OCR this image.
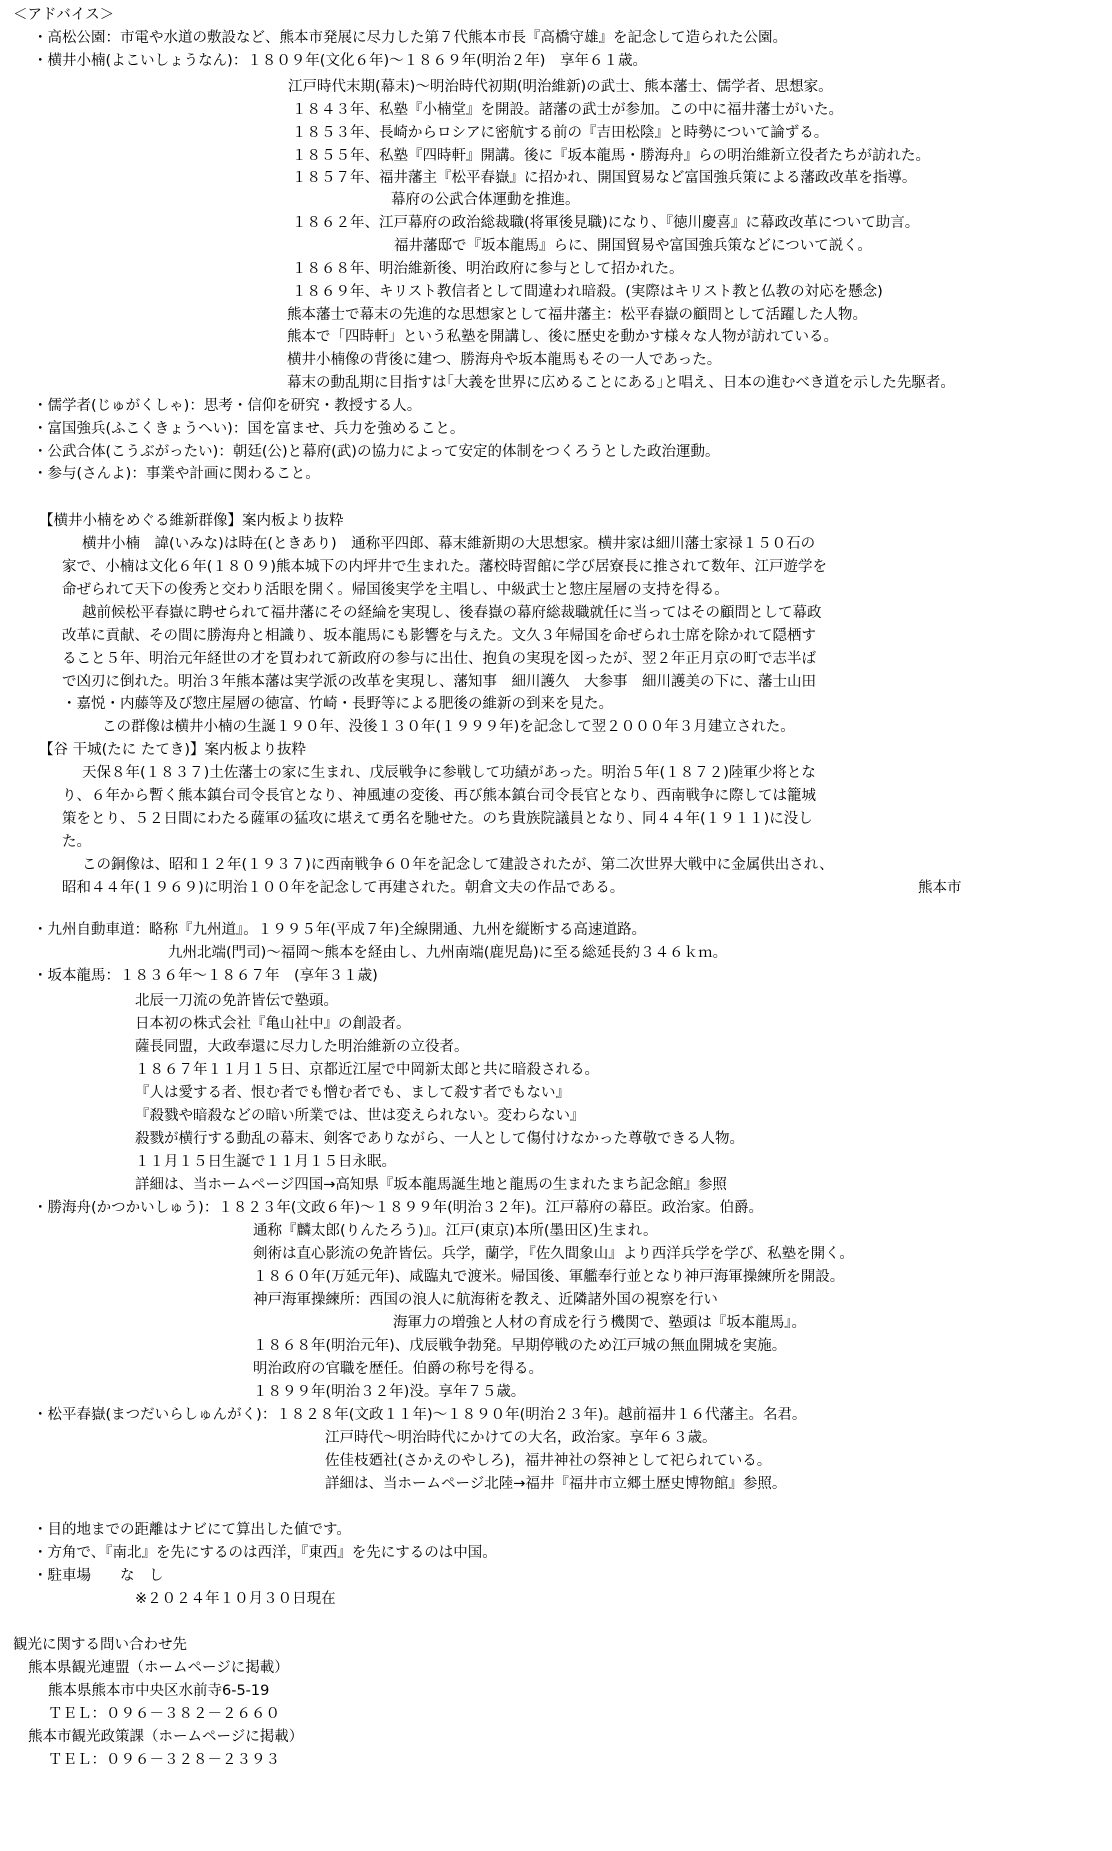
＜アドバイス＞
・高松公園：市電や水道の敷設など、熊本市発展に尽力した第７代熊本市長『高橋守雄』を記念して造られた公園。
・横井小楠(よこいしょうなん)：１８０９年(文化６年)～１８６９年(明治２年)　享年６１歳。
江戸時代末期(幕末)～明治時代初期(明治維新)の武士、熊本藩士、儒学者、思想家。
１８４３年、私塾『小楠堂』を開設。諸藩の武士が参加。この中に福井藩士がいた。
１８５３年、長崎からロシアに密航する前の『吉田松陰』と時勢について論ずる。
１８５５年、私塾『四時軒』開講。後に『坂本龍馬・勝海舟』らの明治維新立役者たちが訪れた。
１８５７年、福井藩主『松平春嶽』に招かれ、開国貿易など富国強兵策による藩政改革を指導。
幕府の公武合体運動を推進。
１８６２年、江戸幕府の政治総裁職(将軍後見職)になり、『徳川慶喜』に幕政改革について助言。
福井藩邸で『坂本龍馬』らに、開国貿易や富国強兵策などについて説く。
１８６８年、明治維新後、明治政府に参与として招かれた。
１８６９年、キリスト教信者として間違われ暗殺。(実際はキリスト教と仏教の対応を懸念)
熊本藩士で幕末の先進的な思想家として福井藩主：松平春嶽の顧問として活躍した人物。
熊本で「四時軒」という私塾を開講し、後に歴史を動かす様々な人物が訪れている。
横井小楠像の背後に建つ、勝海舟や坂本龍馬もその一人であった。
幕末の動乱期に目指すは｢大義を世界に広めることにある｣と唱え、日本の進むべき道を示した先駆者。
・儒学者(じゅがくしゃ)：思考・信仰を研究・教授する人。
・富国強兵(ふこくきょうへい)：国を富ませ、兵力を強めること。
・公武合体(こうぶがったい)：朝廷(公)と幕府(武)の協力によって安定的体制をつくろうとした政治運動。
・参与(さんよ)：事業や計画に関わること。
【横井小楠をめぐる維新群像】案内板より抜粋
横井小楠　諱(いみな)は時在(ときあり)　通称平四郎、幕末維新期の大思想家。横井家は細川藩士家禄１５０石の
家で、小楠は文化６年(１８０９)熊本城下の内坪井で生まれた。藩校時習館に学び居寮長に推されて数年、江戸遊学を
命ぜられて天下の俊秀と交わり活眼を開く。帰国後実学を主唱し、中級武士と惣庄屋層の支持を得る。
越前候松平春嶽に聘せられて福井藩にその経綸を実現し、後春嶽の幕府総裁職就任に当ってはその顧問として幕政
改革に貢献、その間に勝海舟と相識り、坂本龍馬にも影響を与えた。文久３年帰国を命ぜられ士席を除かれて隠栖す
ること５年、明治元年経世の才を買われて新政府の参与に出仕、抱負の実現を図ったが、翌２年正月京の町で志半ば
で凶刃に倒れた。明治３年熊本藩は実学派の改革を実現し、藩知事　細川護久　大参事　細川護美の下に、藩士山田
・嘉悦・内藤等及び惣庄屋層の徳富、竹崎・長野等による肥後の維新の到来を見た。
この群像は横井小楠の生誕１９０年、没後１３０年(１９９９年)を記念して翌２０００年３月建立された。
【谷 干城(たに たてき)】案内板より抜粋
天保８年(１８３７)土佐藩士の家に生まれ、戊辰戦争に参戦して功績があった。明治５年(１８７２)陸軍少将とな
り、６年から暫く熊本鎮台司令長官となり、神風連の変後、再び熊本鎮台司令長官となり、西南戦争に際しては籠城
策をとり、５２日間にわたる薩軍の猛攻に堪えて勇名を馳せた。のち貴族院議員となり、同４４年(１９１１)に没し
た。
この銅像は、昭和１２年(１９３７)に西南戦争６０年を記念して建設されたが、第二次世界大戦中に金属供出され、
昭和４４年(１９６９)に明治１００年を記念して再建された。朝倉文夫の作品である。	熊本市
・九州自動車道：略称『九州道』。１９９５年(平成７年)全線開通、九州を縦断する高速道路。
九州北端(門司)～福岡～熊本を経由し、九州南端(鹿児島)に至る総延長約３４６ｋｍ。
・坂本龍馬：１８３６年～１８６７年　(享年３１歳)
北辰一刀流の免許皆伝で塾頭。
日本初の株式会社『亀山社中』の創設者。
薩長同盟，大政奉還に尽力した明治維新の立役者。
１８６７年１１月１５日、京都近江屋で中岡新太郎と共に暗殺される。
『人は愛する者、恨む者でも憎む者でも、まして殺す者でもない』
『殺戮や暗殺などの暗い所業では、世は変えられない。変わらない』
殺戮が横行する動乱の幕末、剣客でありながら、一人として傷付けなかった尊敬できる人物。
１１月１５日生誕で１１月１５日永眠。
詳細は、当ホームページ四国→高知県『坂本龍馬誕生地と龍馬の生まれたまち記念館』参照
・勝海舟(かつかいしゅう)：１８２３年(文政６年)～１８９９年(明治３２年)。江戸幕府の幕臣。政治家。伯爵。
通称『麟太郎(りんたろう)』。江戸(東京)本所(墨田区)生まれ。
剣術は直心影流の免許皆伝。兵学，蘭学，『佐久間象山』より西洋兵学を学び、私塾を開く。
１８６０年(万延元年)、咸臨丸で渡米。帰国後、軍艦奉行並となり神戸海軍操練所を開設。
神戸海軍操練所：西国の浪人に航海術を教え、近隣諸外国の視察を行い
海軍力の増強と人材の育成を行う機関で、塾頭は『坂本龍馬』。
１８６８年(明治元年)、戊辰戦争勃発。早期停戦のため江戸城の無血開城を実施。
明治政府の官職を歴任。伯爵の称号を得る。
１８９９年(明治３２年)没。享年７５歳。
・松平春嶽(まつだいらしゅんがく)：１８２８年(文政１１年)～１８９０年(明治２３年)。越前福井１６代藩主。名君。
江戸時代～明治時代にかけての大名，政治家。享年６３歳。
佐佳枝廼社(さかえのやしろ)，福井神社の祭神として祀られている。
詳細は、当ホームページ北陸→福井『福井市立郷土歴史博物館』参照。
・目的地までの距離はナビにて算出した値です。
・方角で、『南北』を先にするのは西洋，『東西』を先にするのは中国。
・駐車場　　な　し
※２０２４年１０月３０日現在
観光に関する問い合わせ先
熊本県観光連盟（ホームページに掲載）
熊本県熊本市中央区水前寺6-5-19
ＴＥＬ：０９６－３８２－２６６０
熊本市観光政策課（ホームページに掲載）
ＴＥＬ：０９６－３２８－２３９３
